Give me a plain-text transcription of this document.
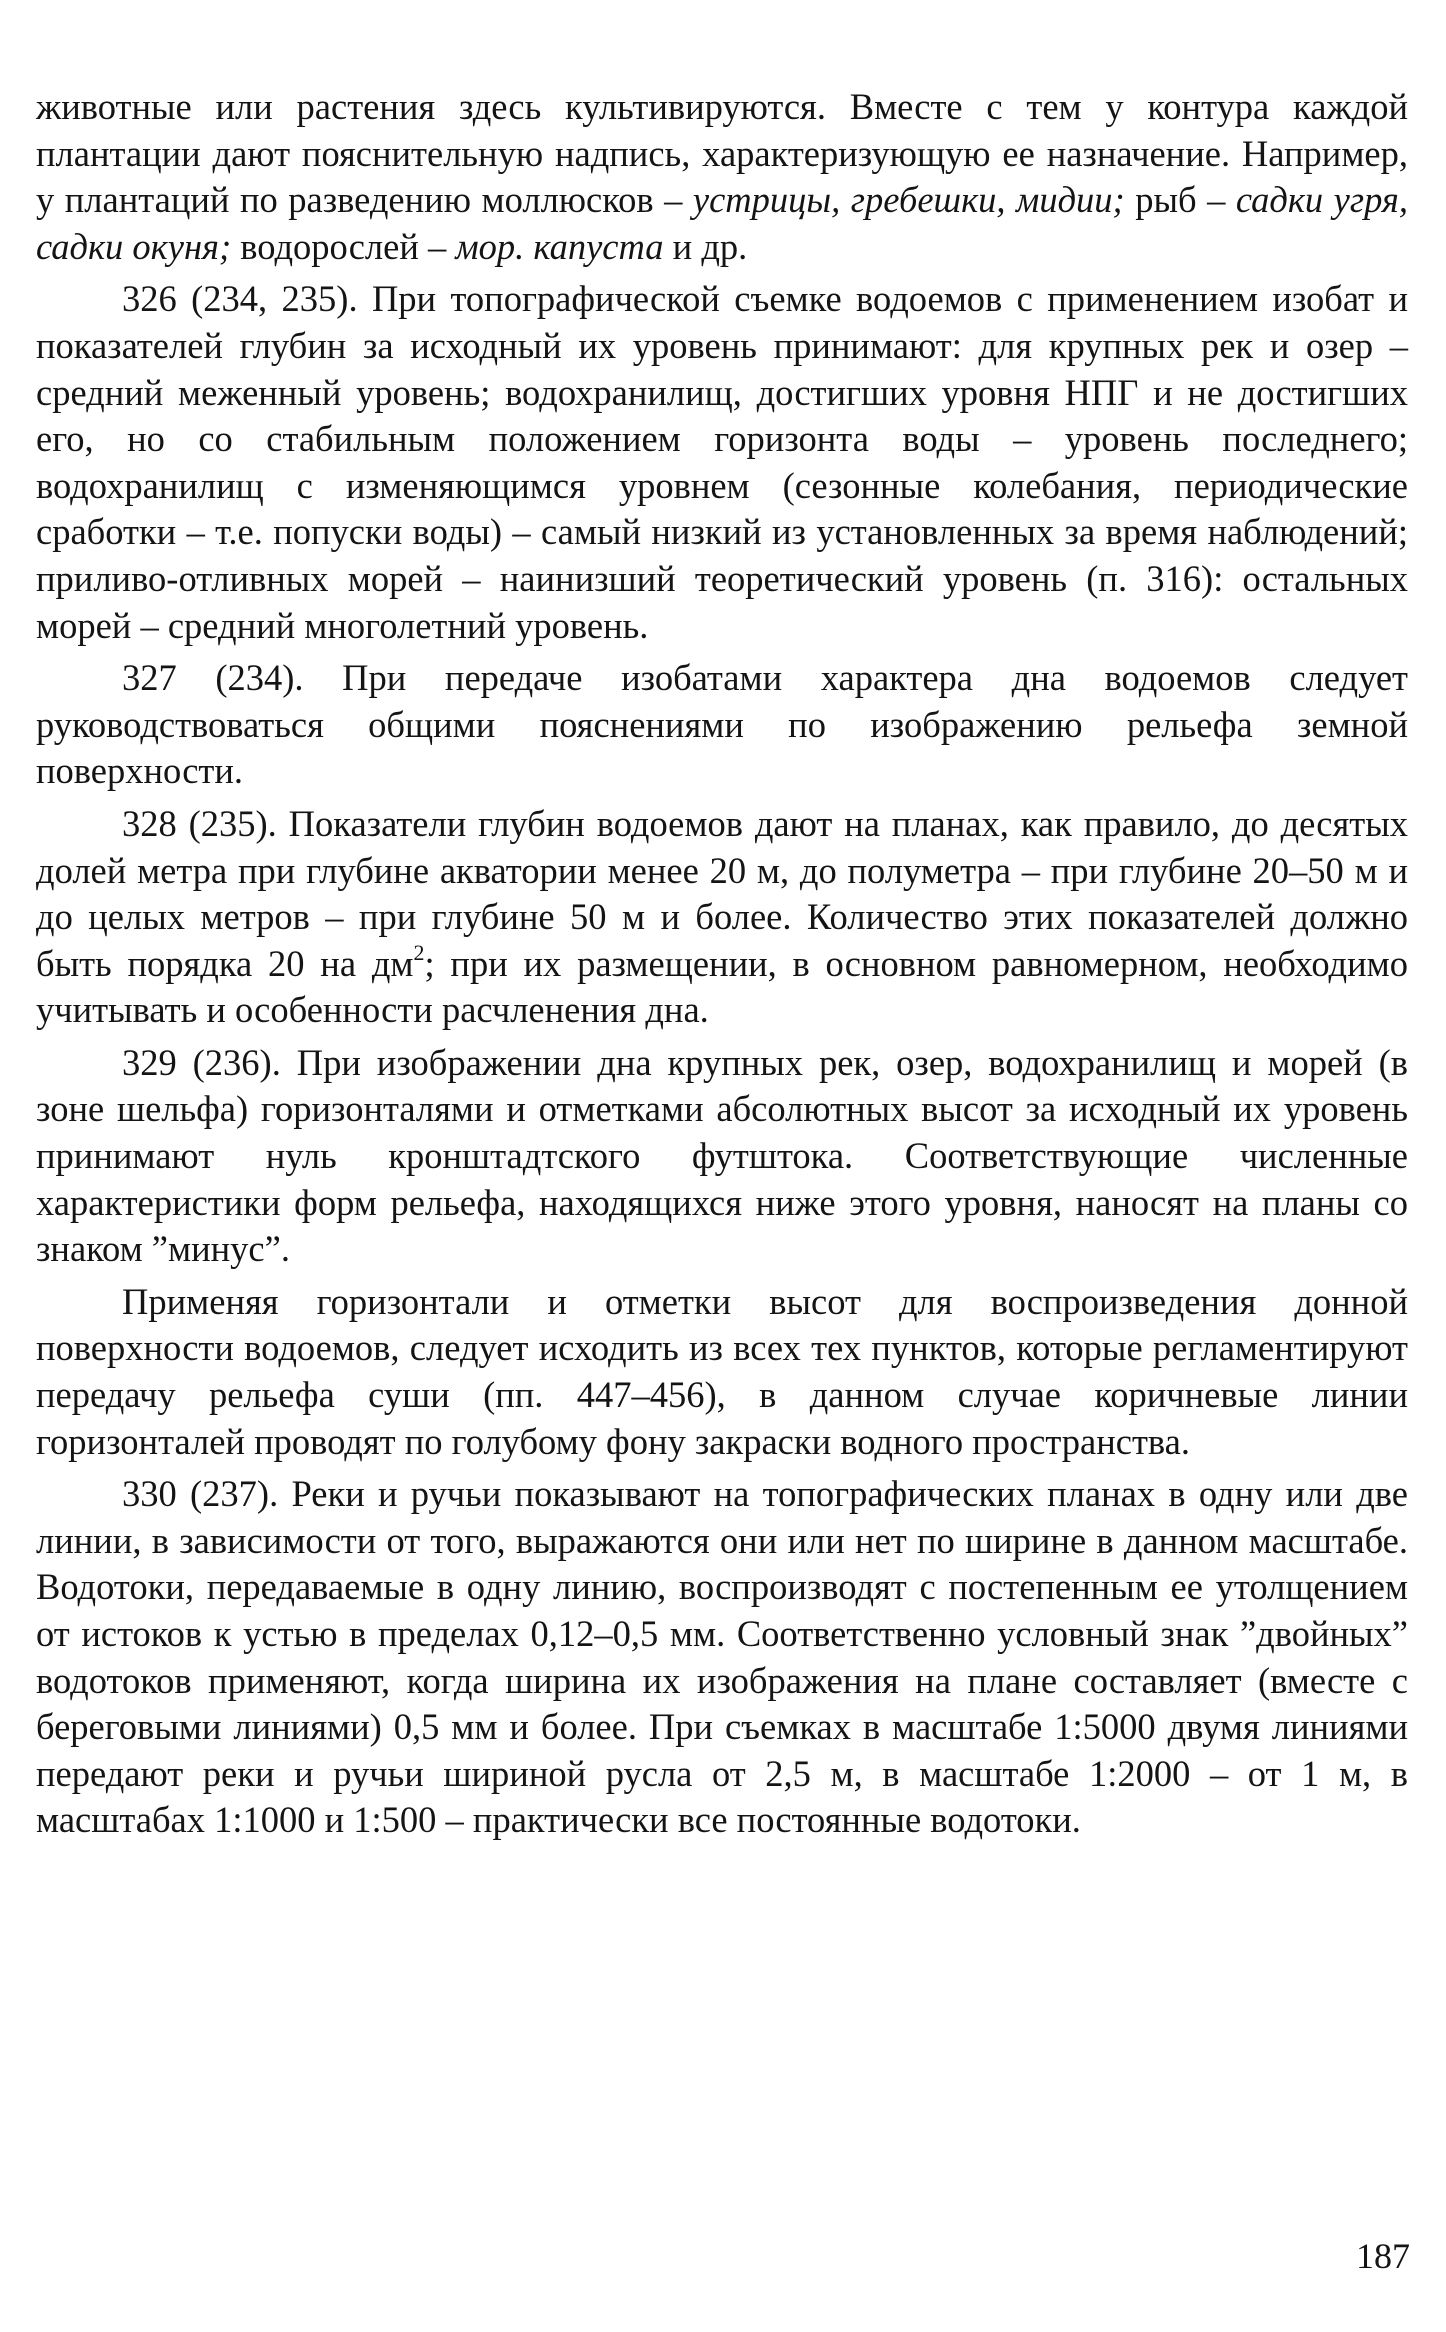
животные или растения здесь культивируются. Вместе с тем у контура каждой плантации дают пояснительную надпись, характеризующую ее назначение. Например, у плантаций по разведению моллюсков – устрицы, гребешки, мидии; рыб – садки угря, садки окуня; водорослей – мор. капуста и др.

326 (234, 235). При топографической съемке водоемов с применением изобат и показателей глубин за исходный их уровень принимают: для крупных рек и озер – средний меженный уровень; водохранилищ, достигших уровня НПГ и не достигших его, но со стабильным положением горизонта воды – уровень последнего; водохранилищ с изменяющимся уровнем (сезонные колебания, периодические сработки – т.е. попуски воды) – самый низкий из установленных за время наблюдений; приливо-отливных морей – наинизший теоретический уровень (п. 316): остальных морей – средний многолетний уровень.

327 (234). При передаче изобатами характера дна водоемов следует руководствоваться общими пояснениями по изображению рельефа земной поверхности.

328 (235). Показатели глубин водоемов дают на планах, как правило, до десятых долей метра при глубине акватории менее 20 м, до полуметра – при глубине 20–50 м и до целых метров – при глубине 50 м и более. Количество этих показателей должно быть порядка 20 на $дм^2$; при их размещении, в основном равномерном, необходимо учитывать и особенности расчленения дна.

329 (236). При изображении дна крупных рек, озер, водохранилищ и морей (в зоне шельфа) горизонталями и отметками абсолютных высот за исходный их уровень принимают нуль кронштадтского футштока. Соответствующие численные характеристики форм рельефа, находящихся ниже этого уровня, наносят на планы со знаком ”минус”.

Применяя горизонтали и отметки высот для воспроизведения донной поверхности водоемов, следует исходить из всех тех пунктов, которые регламентируют передачу рельефа суши (пп. 447–456), в данном случае коричневые линии горизонталей проводят по голубому фону закраски водного пространства.

330 (237). Реки и ручьи показывают на топографических планах в одну или две линии, в зависимости от того, выражаются они или нет по ширине в данном масштабе. Водотоки, передаваемые в одну линию, воспроизводят с постепенным ее утолщением от истоков к устью в пределах 0,12–0,5 мм. Соответственно условный знак ”двойных” водотоков применяют, когда ширина их изображения на плане составляет (вместе с береговыми линиями) 0,5 мм и более. При съемках в масштабе 1:5000 двумя линиями передают реки и ручьи шириной русла от 2,5 м, в масштабе 1:2000 – от 1 м, в масштабах 1:1000 и 1:500 – практически все постоянные водотоки.

187
